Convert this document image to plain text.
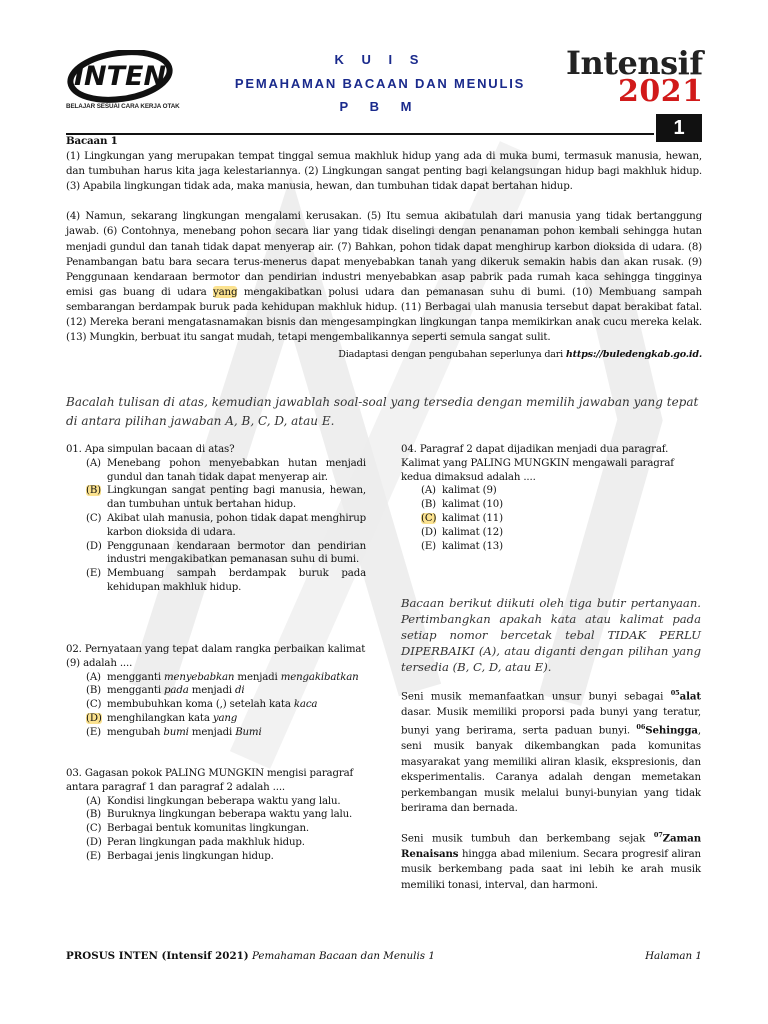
INTEN
BELAJAR SESUAI CARA KERJA OTAK
K U I S
PEMAHAMAN BACAAN DAN MENULIS
P B M
Intensif
2021
1
Bacaan 1

(1) Lingkungan yang merupakan tempat tinggal semua makhluk hidup yang ada di muka bumi, termasuk manusia, hewan, dan tumbuhan harus kita jaga kelestariannya. (2) Lingkungan sangat penting bagi kelangsungan hidup bagi makhluk hidup. (3) Apabila lingkungan tidak ada, maka manusia, hewan, dan tumbuhan tidak dapat bertahan hidup.

(4) Namun, sekarang lingkungan mengalami kerusakan. (5) Itu semua akibatulah dari manusia yang tidak bertanggung jawab. (6) Contohnya, menebang pohon secara liar yang tidak diselingi dengan penanaman pohon kembali sehingga hutan menjadi gundul dan tanah tidak dapat menyerap air. (7) Bahkan, pohon tidak dapat menghirup karbon dioksida di udara. (8) Penambangan batu bara secara terus-menerus dapat menyebabkan tanah yang dikeruk semakin habis dan akan rusak. (9) Penggunaan kendaraan bermotor dan pendirian industri menyebabkan asap pabrik pada rumah kaca sehingga tingginya emisi gas buang di udara yang mengakibatkan polusi udara dan pemanasan suhu di bumi. (10) Membuang sampah sembarangan berdampak buruk pada kehidupan makhluk hidup. (11) Berbagai ulah manusia tersebut dapat berakibat fatal. (12) Mereka berani mengatasnamakan bisnis dan mengesampingkan lingkungan tanpa memikirkan anak cucu mereka kelak. (13) Mungkin, berbuat itu sangat mudah, tetapi mengembalikannya seperti semula sangat sulit.

Diadaptasi dengan pengubahan seperlunya dari https://buledengkab.go.id.
Bacalah tulisan di atas, kemudian jawablah soal-soal yang tersedia dengan memilih jawaban yang tepat di antara pilihan jawaban A, B, C, D, atau E.
01. Apa simpulan bacaan di atas?
(A) Menebang pohon menyebabkan hutan menjadi gundul dan tanah tidak dapat menyerap air.
(B) Lingkungan sangat penting bagi manusia, hewan, dan tumbuhan untuk bertahan hidup.
(C) Akibat ulah manusia, pohon tidak dapat menghirup karbon dioksida di udara.
(D) Penggunaan kendaraan bermotor dan pendirian industri mengakibatkan pemanasan suhu di bumi.
(E) Membuang sampah berdampak buruk pada kehidupan makhluk hidup.
02. Pernyataan yang tepat dalam rangka perbaikan kalimat (9) adalah ....
(A) mengganti menyebabkan menjadi mengakibatkan
(B) mengganti pada menjadi di
(C) membubuhkan koma (,) setelah kata kaca
(D) menghilangkan kata yang
(E) mengubah bumi menjadi Bumi
03. Gagasan pokok PALING MUNGKIN mengisi paragraf antara paragraf 1 dan paragraf 2 adalah ....
(A) Kondisi lingkungan beberapa waktu yang lalu.
(B) Buruknya lingkungan beberapa waktu yang lalu.
(C) Berbagai bentuk komunitas lingkungan.
(D) Peran lingkungan pada makhluk hidup.
(E) Berbagai jenis lingkungan hidup.
04. Paragraf 2 dapat dijadikan menjadi dua paragraf. Kalimat yang PALING MUNGKIN mengawali paragraf kedua dimaksud adalah ....
(A) kalimat (9)
(B) kalimat (10)
(C) kalimat (11)
(D) kalimat (12)
(E) kalimat (13)
Bacaan berikut diikuti oleh tiga butir pertanyaan. Pertimbangkan apakah kata atau kalimat pada setiap nomor bercetak tebal TIDAK PERLU DIPERBAIKI (A), atau diganti dengan pilihan yang tersedia (B, C, D, atau E).
Seni musik memanfaatkan unsur bunyi sebagai $^{05}$alat dasar. Musik memiliki proporsi pada bunyi yang teratur, bunyi yang berirama, serta paduan bunyi. $^{06}$Sehingga, seni musik banyak dikembangkan pada komunitas masyarakat yang memiliki aliran klasik, ekspresionis, dan eksperimentalis. Caranya adalah dengan memetakan perkembangan musik melalui bunyi-bunyian yang tidak berirama dan bernada.
Seni musik tumbuh dan berkembang sejak $^{07}$Zaman Renaisans hingga abad milenium. Secara progresif aliran musik berkembang pada saat ini lebih ke arah musik memiliki tonasi, interval, dan harmoni.
PROSUS INTEN (Intensif 2021) Pemahaman Bacaan dan Menulis 1	Halaman 1
